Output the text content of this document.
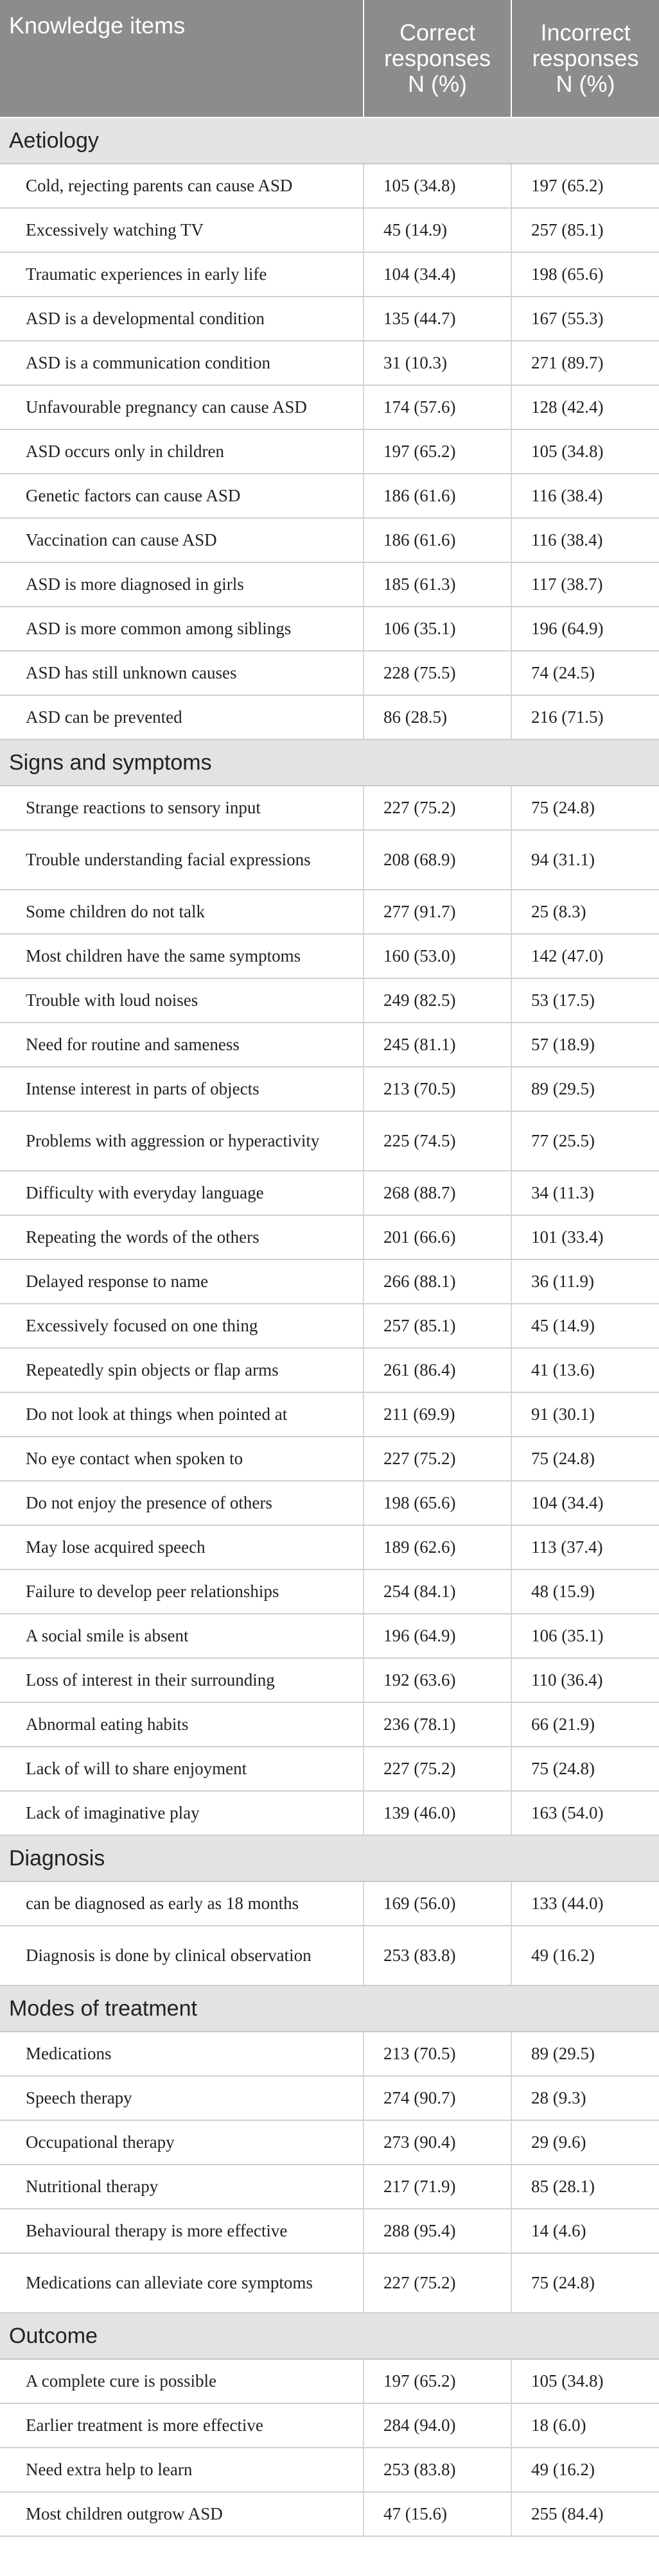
Knowledge items	Correct responses N (%)	Incorrect responses N (%)
Aetiology		
Cold, rejecting parents can cause ASD	105 (34.8)	197 (65.2)
Excessively watching TV	45 (14.9)	257 (85.1)
Traumatic experiences in early life	104 (34.4)	198 (65.6)
ASD is a developmental condition	135 (44.7)	167 (55.3)
ASD is a communication condition	31 (10.3)	271 (89.7)
Unfavourable pregnancy can cause ASD	174 (57.6)	128 (42.4)
ASD occurs only in children	197 (65.2)	105 (34.8)
Genetic factors can cause ASD	186 (61.6)	116 (38.4)
Vaccination can cause ASD	186 (61.6)	116 (38.4)
ASD is more diagnosed in girls	185 (61.3)	117 (38.7)
ASD is more common among siblings	106 (35.1)	196 (64.9)
ASD has still unknown causes	228 (75.5)	74 (24.5)
ASD can be prevented	86 (28.5)	216 (71.5)
Signs and symptoms		
Strange reactions to sensory input	227 (75.2)	75 (24.8)
Trouble understanding facial expressions	208 (68.9)	94 (31.1)
Some children do not talk	277 (91.7)	25 (8.3)
Most children have the same symptoms	160 (53.0)	142 (47.0)
Trouble with loud noises	249 (82.5)	53 (17.5)
Need for routine and sameness	245 (81.1)	57 (18.9)
Intense interest in parts of objects	213 (70.5)	89 (29.5)
Problems with aggression or hyperactivity	225 (74.5)	77 (25.5)
Difficulty with everyday language	268 (88.7)	34 (11.3)
Repeating the words of the others	201 (66.6)	101 (33.4)
Delayed response to name	266 (88.1)	36 (11.9)
Excessively focused on one thing	257 (85.1)	45 (14.9)
Repeatedly spin objects or flap arms	261 (86.4)	41 (13.6)
Do not look at things when pointed at	211 (69.9)	91 (30.1)
No eye contact when spoken to	227 (75.2)	75 (24.8)
Do not enjoy the presence of others	198 (65.6)	104 (34.4)
May lose acquired speech	189 (62.6)	113 (37.4)
Failure to develop peer relationships	254 (84.1)	48 (15.9)
A social smile is absent	196 (64.9)	106 (35.1)
Loss of interest in their surrounding	192 (63.6)	110 (36.4)
Abnormal eating habits	236 (78.1)	66 (21.9)
Lack of will to share enjoyment	227 (75.2)	75 (24.8)
Lack of imaginative play	139 (46.0)	163 (54.0)
Diagnosis		
can be diagnosed as early as 18 months	169 (56.0)	133 (44.0)
Diagnosis is done by clinical observation	253 (83.8)	49 (16.2)
Modes of treatment		
Medications	213 (70.5)	89 (29.5)
Speech therapy	274 (90.7)	28 (9.3)
Occupational therapy	273 (90.4)	29 (9.6)
Nutritional therapy	217 (71.9)	85 (28.1)
Behavioural therapy is more effective	288 (95.4)	14 (4.6)
Medications can alleviate core symptoms	227 (75.2)	75 (24.8)
Outcome		
A complete cure is possible	197 (65.2)	105 (34.8)
Earlier treatment is more effective	284 (94.0)	18 (6.0)
Need extra help to learn	253 (83.8)	49 (16.2)
Most children outgrow ASD	47 (15.6)	255 (84.4)
